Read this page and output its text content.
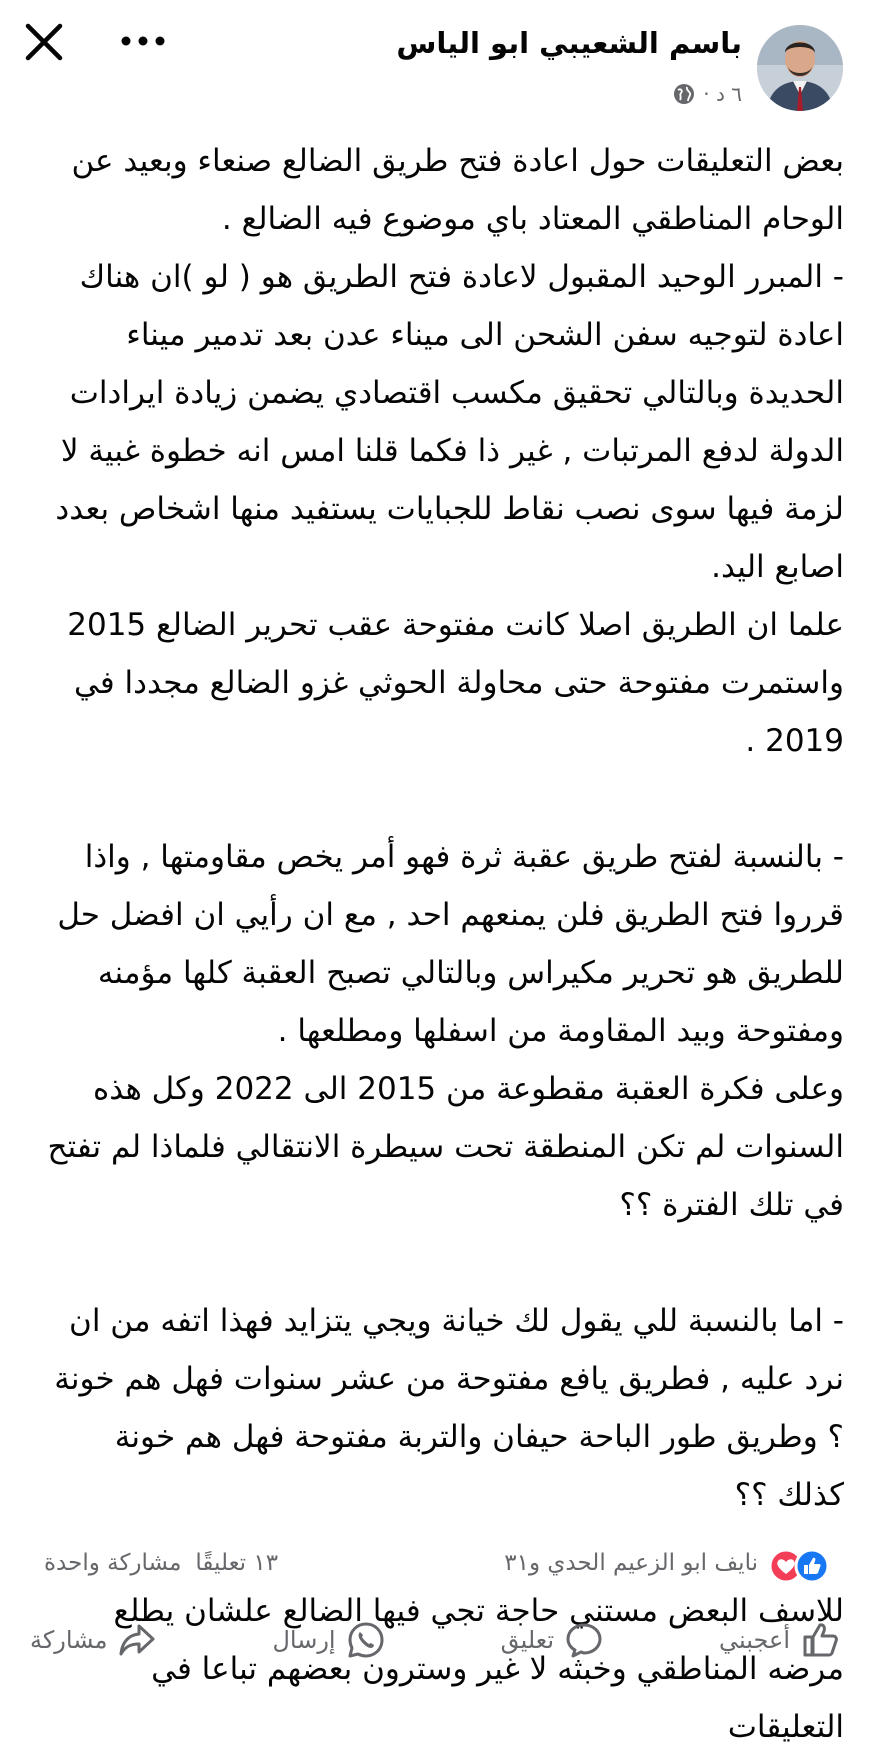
باسم الشعيبي ابو الياس
٦ د ·

بعض التعليقات حول اعادة فتح طريق الضالع صنعاء وبعيد عن الوحام المناطقي المعتاد باي موضوع فيه الضالع .

- المبرر الوحيد المقبول لاعادة فتح الطريق هو ( لو )ان هناك اعادة لتوجيه سفن الشحن الى ميناء عدن بعد تدمير ميناء الحديدة وبالتالي تحقيق مكسب اقتصادي يضمن زيادة ايرادات الدولة لدفع المرتبات , غير ذا فكما قلنا امس انه خطوة غبية لا لزمة فيها سوى نصب نقاط للجبايات يستفيد منها اشخاص بعدد اصابع اليد.

علما ان الطريق اصلا كانت مفتوحة عقب تحرير الضالع 2015 واستمرت مفتوحة حتى محاولة الحوثي غزو الضالع مجددا في 2019 .

- بالنسبة لفتح طريق عقبة ثرة فهو أمر يخص مقاومتها , واذا قرروا فتح الطريق فلن يمنعهم احد , مع ان رأيي ان افضل حل للطريق هو تحرير مكيراس وبالتالي تصبح العقبة كلها مؤمنه ومفتوحة وبيد المقاومة من اسفلها ومطلعها .

وعلى فكرة العقبة مقطوعة من 2015 الى 2022 وكل هذه السنوات لم تكن المنطقة تحت سيطرة الانتقالي فلماذا لم تفتح في تلك الفترة ؟؟

- اما بالنسبة للي يقول لك خيانة ويجي يتزايد فهذا اتفه من ان نرد عليه , فطريق يافع مفتوحة من عشر سنوات فهل هم خونة ؟ وطريق طور الباحة حيفان والتربة مفتوحة فهل هم خونة كذلك ؟؟

للاسف البعض مستني حاجة تجي فيها الضالع علشان يطلع مرضه المناطقي وخبثه لا غير وسترون بعضهم تباعا في التعليقات

نايف ابو الزعيم الحدي و٣١
١٣ تعليقًا
مشاركة واحدة
أعجبني
تعليق
إرسال
مشاركة
